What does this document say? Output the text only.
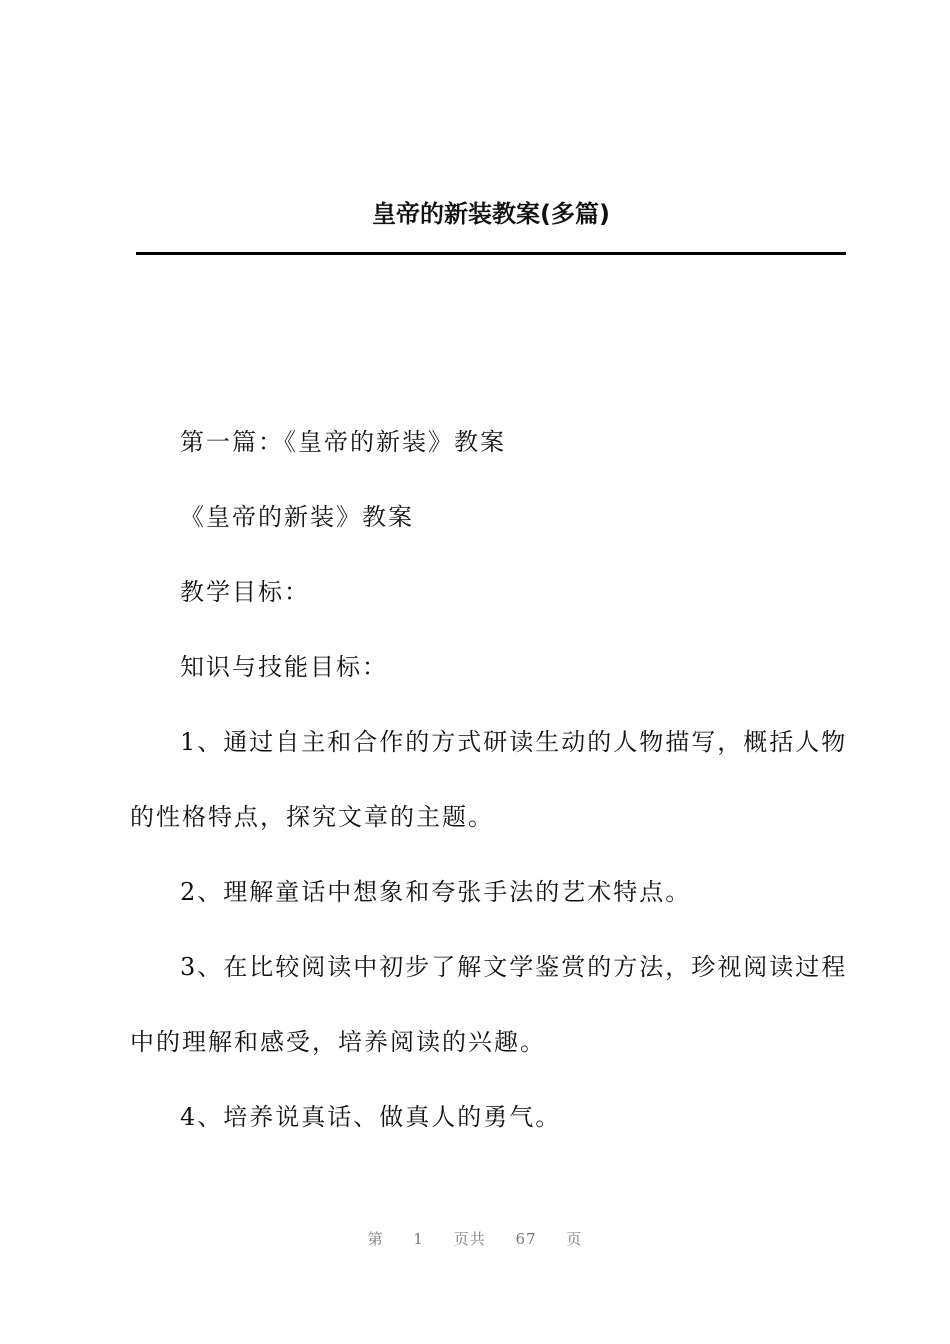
皇帝的新装教案(多篇)

第一篇：《皇帝的新装》教案

《皇帝的新装》教案

教学目标：

知识与技能目标：

1、通过自主和合作的方式研读生动的人物描写，概括人物
的性格特点，探究文章的主题。

2、理解童话中想象和夸张手法的艺术特点。

3、在比较阅读中初步了解文学鉴赏的方法，珍视阅读过程
中的理解和感受，培养阅读的兴趣。

4、培养说真话、做真人的勇气。

第 1 页共 67 页
